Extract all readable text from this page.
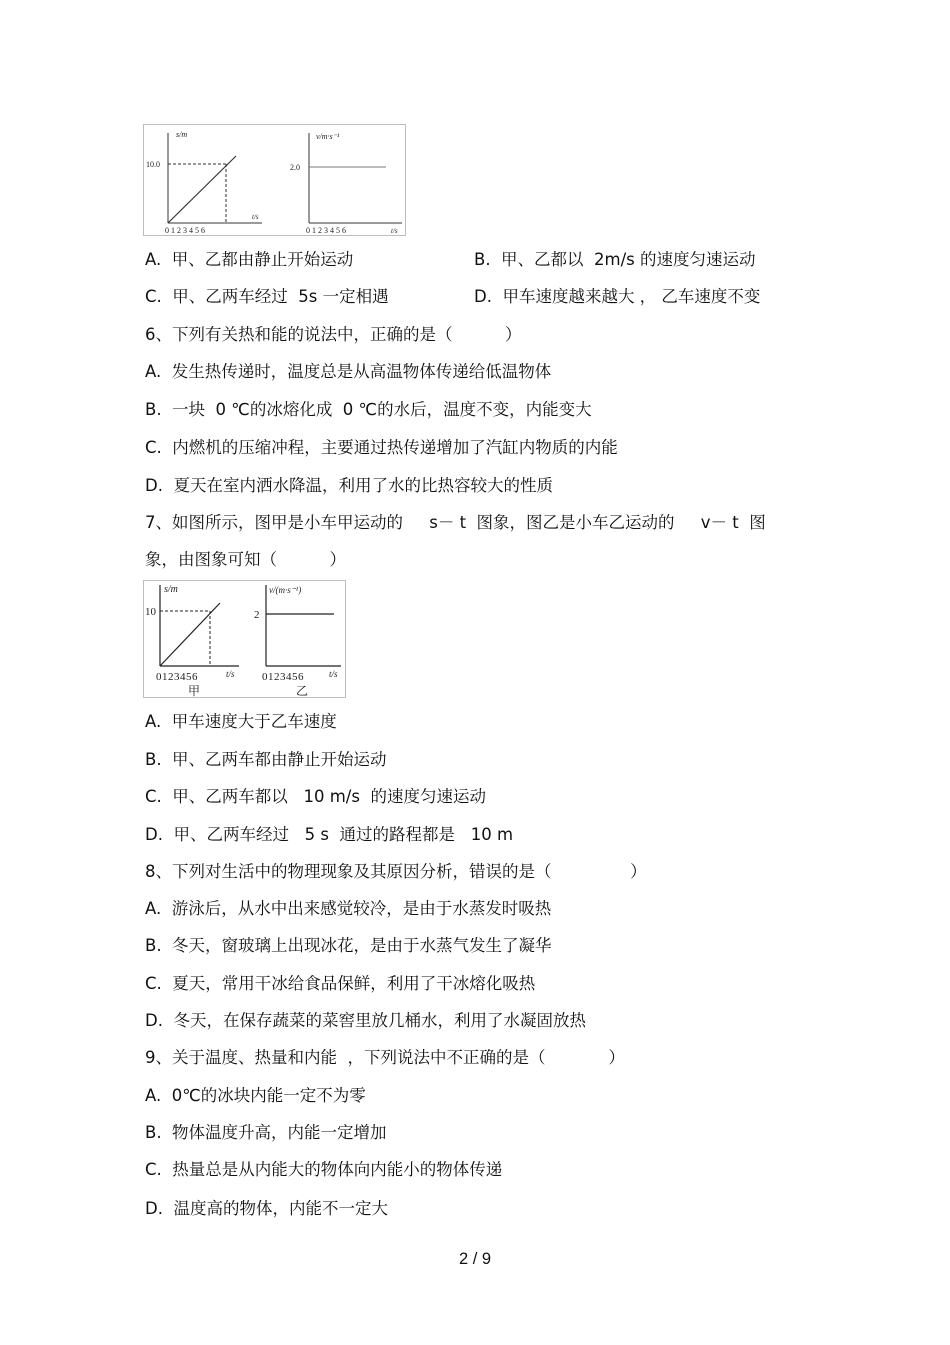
s/m
10.0
0 1 2 3 4 5 6
t/s
v/m·s⁻¹
2.0
0 1 2 3 4 5 6	t/s
A.  甲、乙都由静止开始运动	B.  甲、乙都以  2m/s 的速度匀速运动
C.  甲、乙两车经过  5s 一定相遇	D.  甲车速度越来越大 ， 乙车速度不变
6、下列有关热和能的说法中，正确的是（          ）
A.  发生热传递时，温度总是从高温物体传递给低温物体
B.  一块  0 ℃的冰熔化成  0 ℃的水后，温度不变，内能变大
C.  内燃机的压缩冲程，主要通过热传递增加了汽缸内物质的内能
D.  夏天在室内洒水降温，利用了水的比热容较大的性质
7、如图所示，图甲是小车甲运动的     s－ t  图象，图乙是小车乙运动的     v－ t  图
象，由图象可知（          ）
s/m
10
0123456	t/s
甲
v/(m·s⁻¹)
2
0123456	t/s
乙
A.  甲车速度大于乙车速度
B.  甲、乙两车都由静止开始运动
C.  甲、乙两车都以   10 m/s  的速度匀速运动
D.  甲、乙两车经过   5 s  通过的路程都是   10 m
8、下列对生活中的物理现象及其原因分析，错误的是（               ）
A.  游泳后，从水中出来感觉较冷，是由于水蒸发时吸热
B.  冬天，窗玻璃上出现冰花，是由于水蒸气发生了凝华
C.  夏天，常用干冰给食品保鲜，利用了干冰熔化吸热
D.  冬天，在保存蔬菜的菜窖里放几桶水，利用了水凝固放热
9、关于温度、热量和内能  ，下列说法中不正确的是（            ）
A.  0℃的冰块内能一定不为零
B.  物体温度升高，内能一定增加
C.  热量总是从内能大的物体向内能小的物体传递
D.  温度高的物体，内能不一定大
2 / 9
